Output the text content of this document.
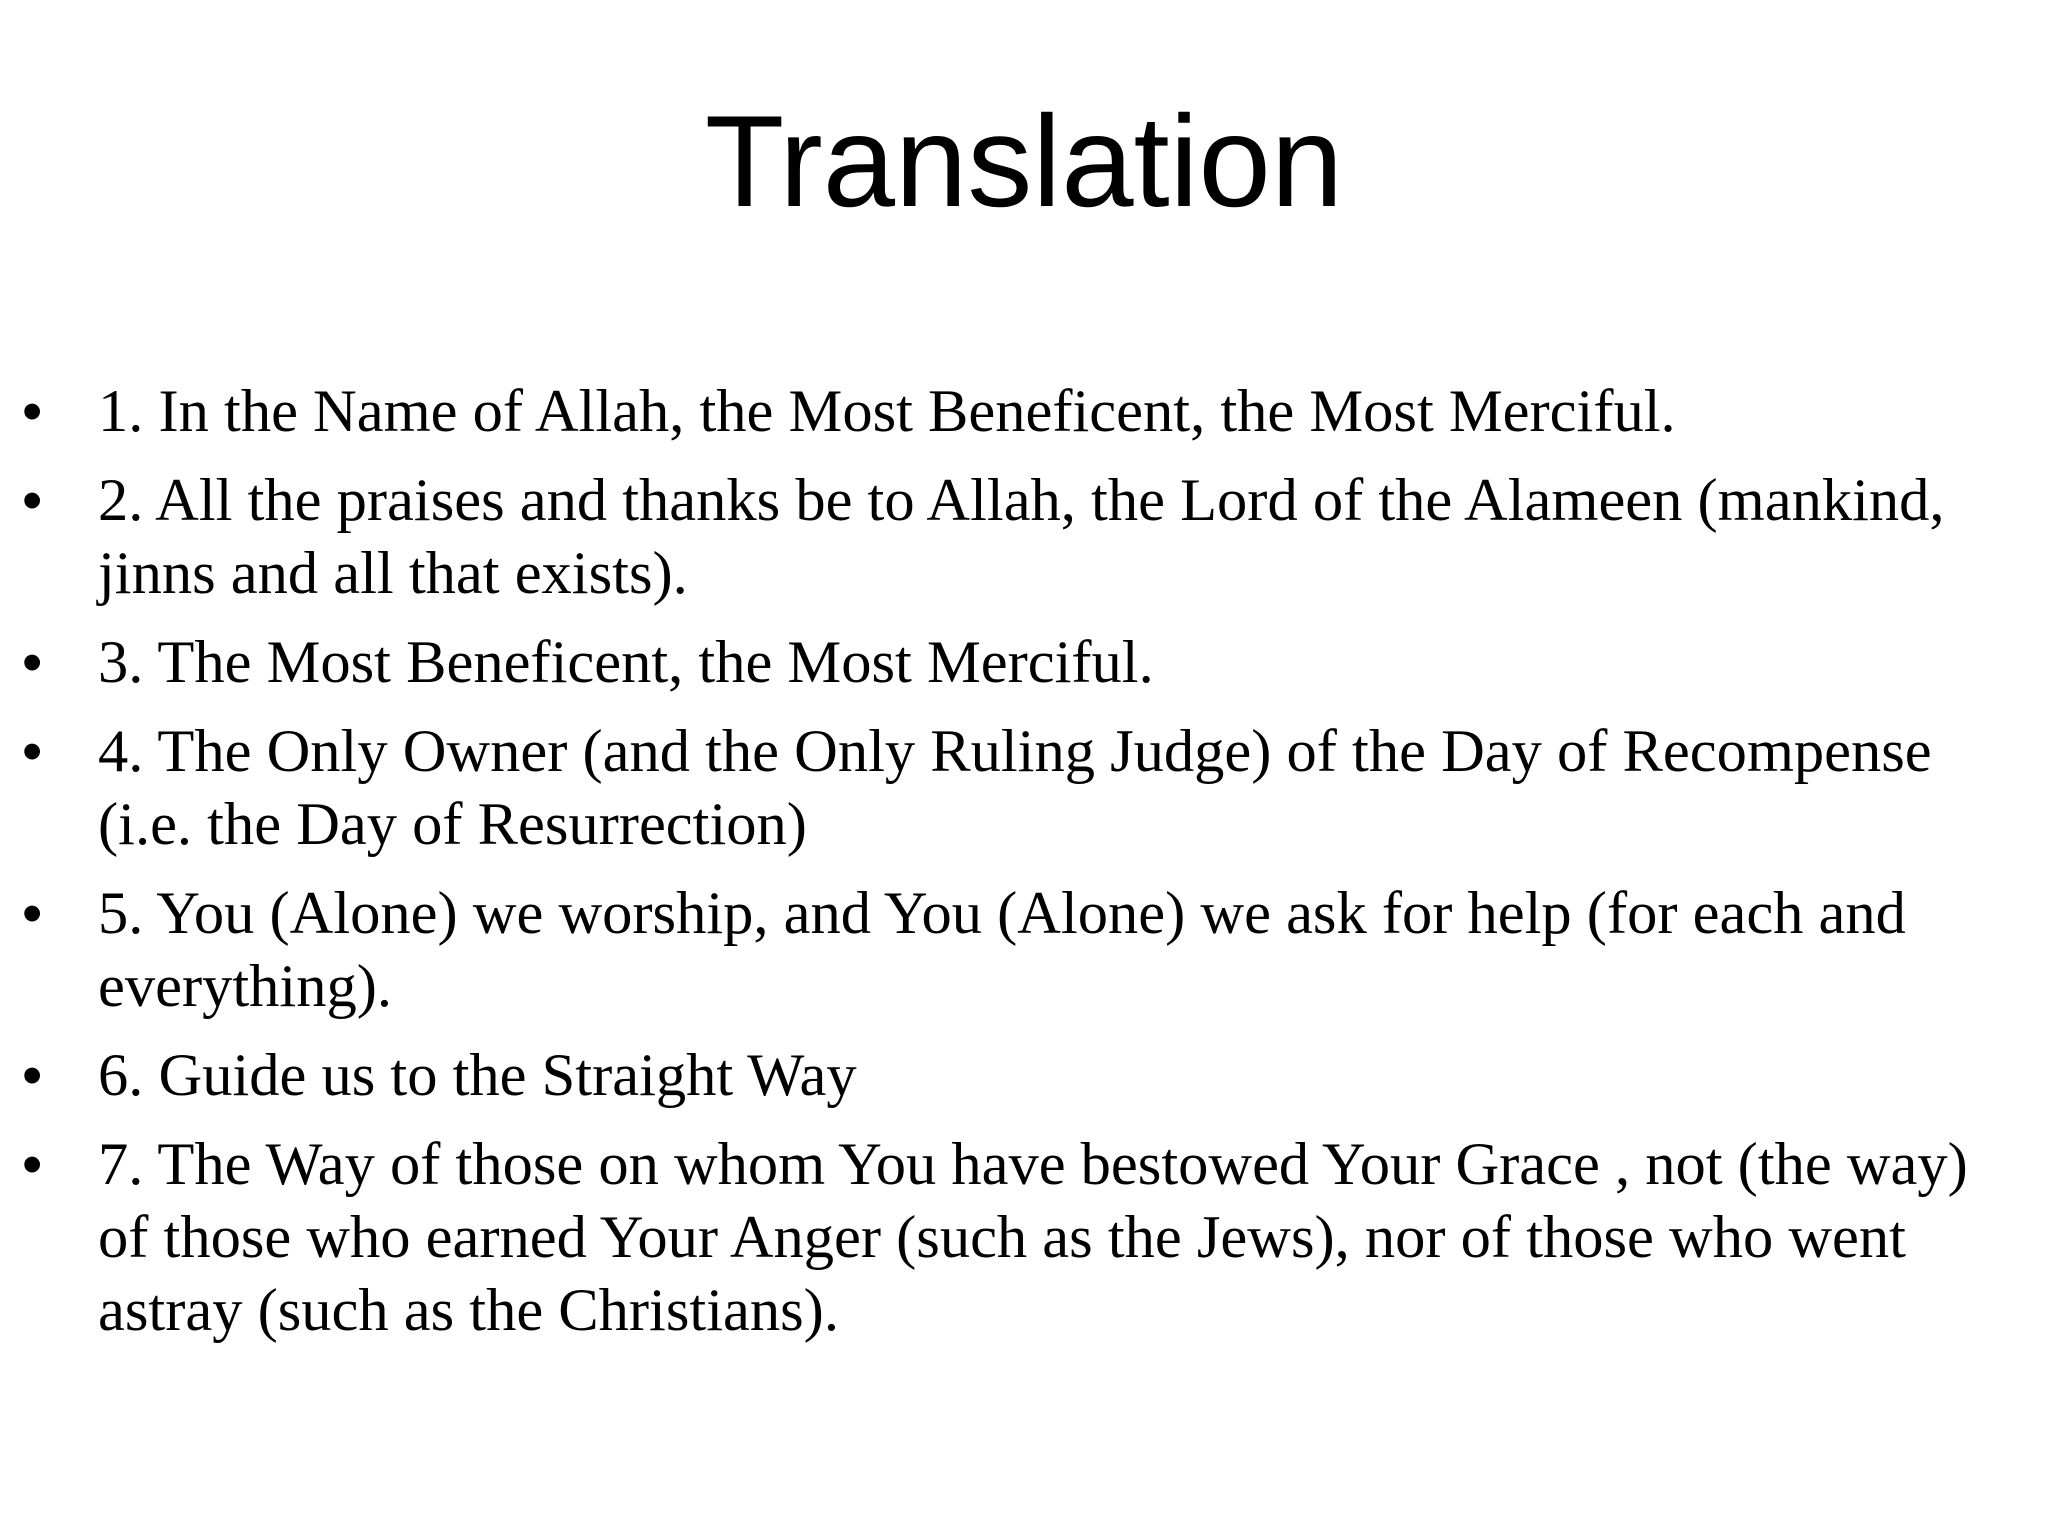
Translation
• 1. In the Name of Allah, the Most Beneficent, the Most Merciful.
• 2. All the praises and thanks be to Allah, the Lord of the Alameen (mankind, jinns and all that exists).
• 3. The Most Beneficent, the Most Merciful.
• 4. The Only Owner (and the Only Ruling Judge) of the Day of Recompense (i.e. the Day of Resurrection)
• 5. You (Alone) we worship, and You (Alone) we ask for help (for each and everything).
• 6. Guide us to the Straight Way
• 7. The Way of those on whom You have bestowed Your Grace , not (the way) of those who earned Your Anger (such as the Jews), nor of those who went astray (such as the Christians).
